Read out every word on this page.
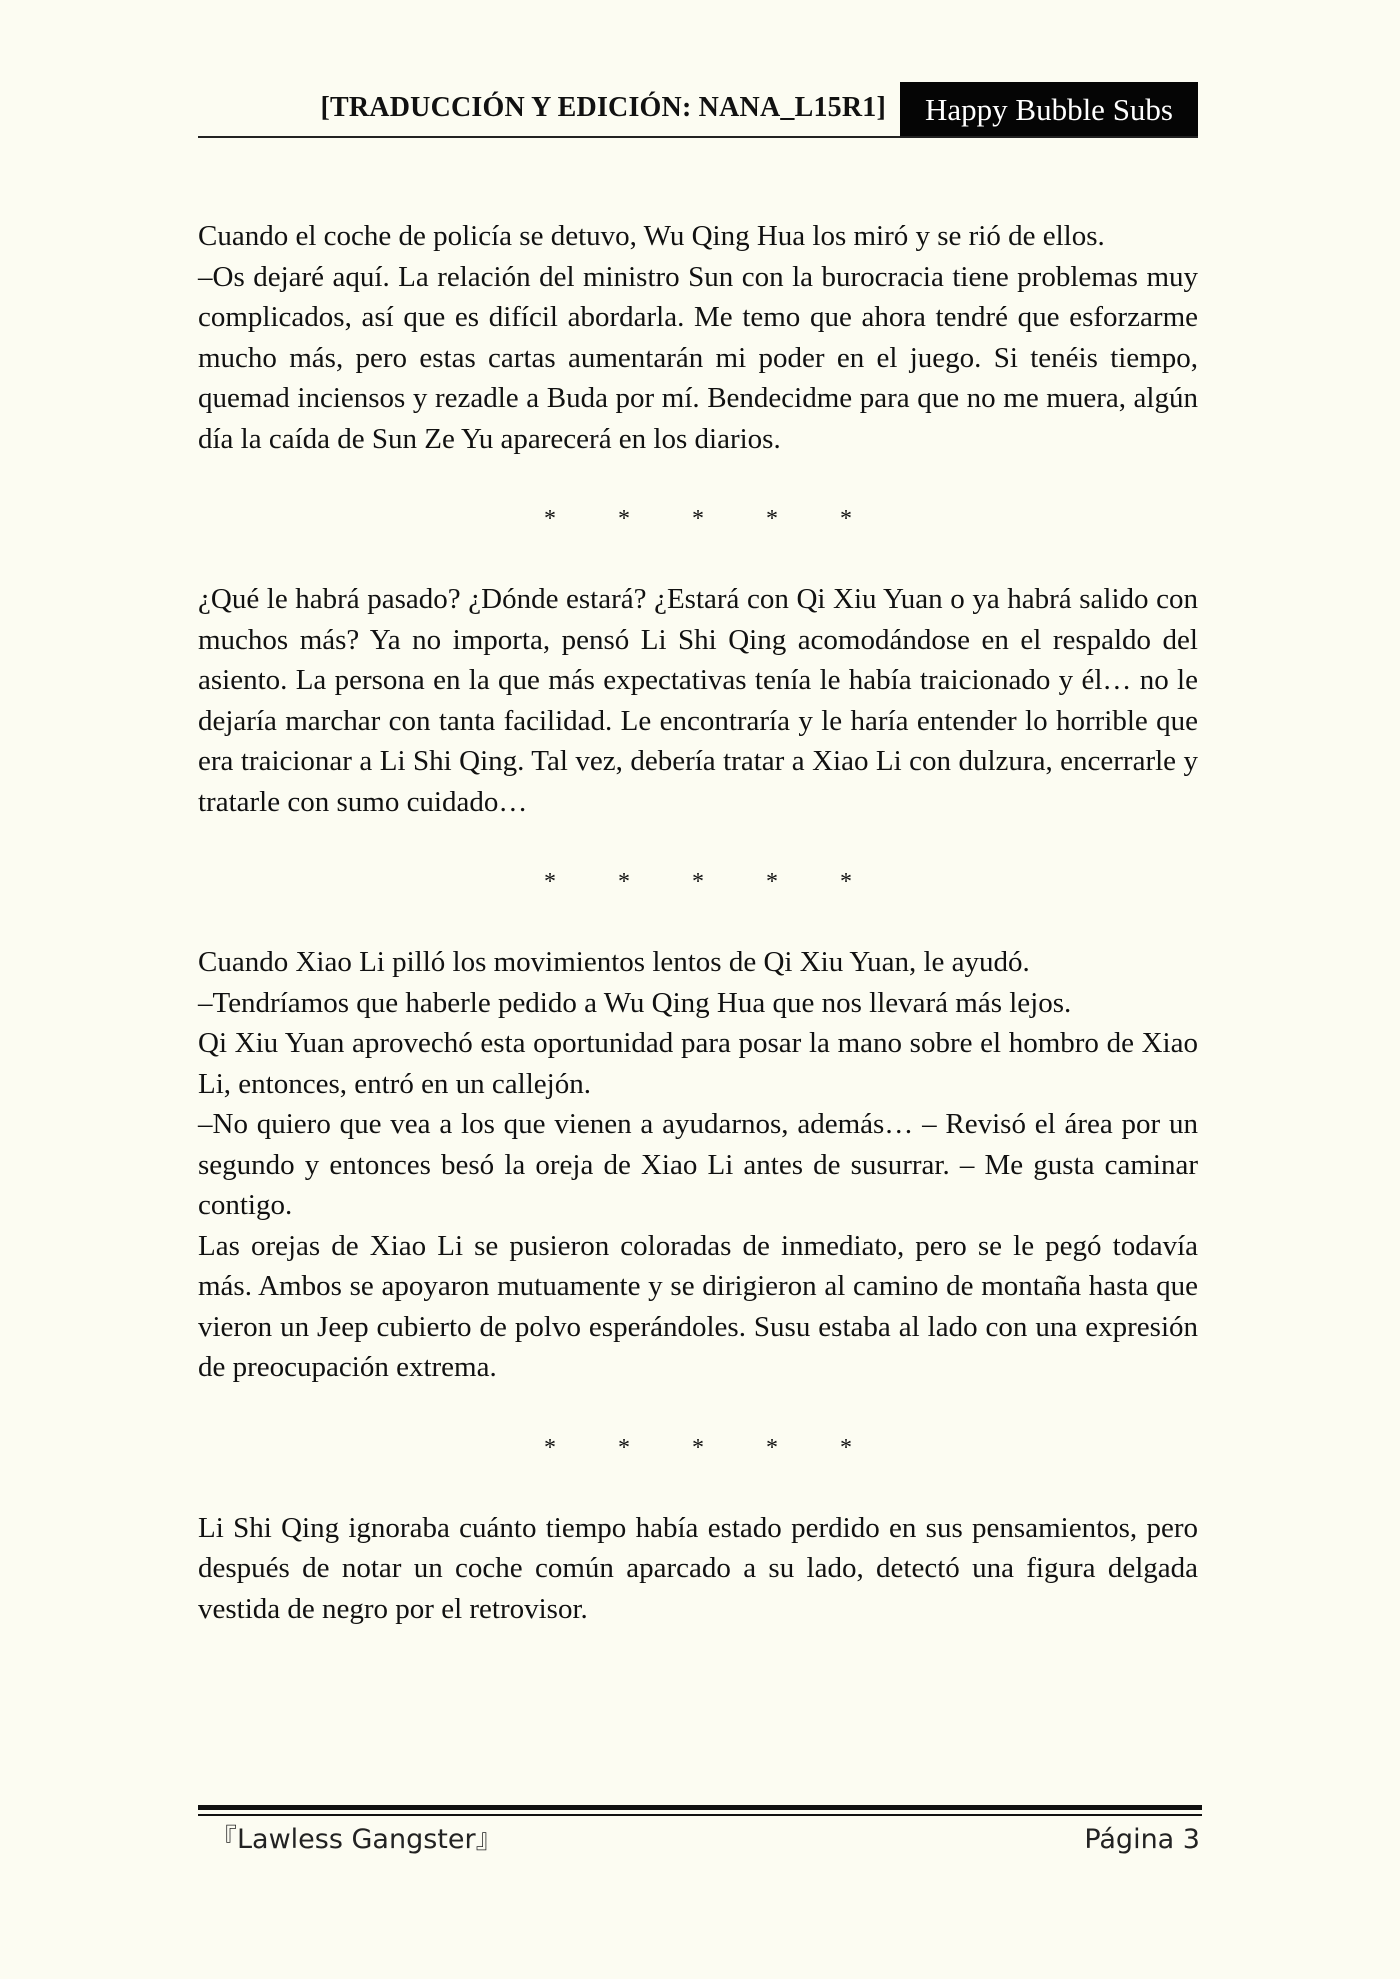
[TRADUCCIÓN Y EDICIÓN: NANA_L15R1]	Happy Bubble Subs

Cuando el coche de policía se detuvo, Wu Qing Hua los miró y se rió de ellos.

–Os dejaré aquí. La relación del ministro Sun con la burocracia tiene problemas muy complicados, así que es difícil abordarla. Me temo que ahora tendré que esforzarme mucho más, pero estas cartas aumentarán mi poder en el juego. Si tenéis tiempo, quemad inciensos y rezadle a Buda por mí. Bendecidme para que no me muera, algún día la caída de Sun Ze Yu aparecerá en los diarios.

*	*	*	*	*

¿Qué le habrá pasado? ¿Dónde estará? ¿Estará con Qi Xiu Yuan o ya habrá salido con muchos más? Ya no importa, pensó Li Shi Qing acomodándose en el respaldo del asiento. La persona en la que más expectativas tenía le había traicionado y él… no le dejaría marchar con tanta facilidad. Le encontraría y le haría entender lo horrible que era traicionar a Li Shi Qing. Tal vez, debería tratar a Xiao Li con dulzura, encerrarle y tratarle con sumo cuidado…

*	*	*	*	*

Cuando Xiao Li pilló los movimientos lentos de Qi Xiu Yuan, le ayudó.

–Tendríamos que haberle pedido a Wu Qing Hua que nos llevará más lejos.

Qi Xiu Yuan aprovechó esta oportunidad para posar la mano sobre el hombro de Xiao Li, entonces, entró en un callejón.

–No quiero que vea a los que vienen a ayudarnos, además… – Revisó el área por un segundo y entonces besó la oreja de Xiao Li antes de susurrar. – Me gusta caminar contigo.

Las orejas de Xiao Li se pusieron coloradas de inmediato, pero se le pegó todavía más. Ambos se apoyaron mutuamente y se dirigieron al camino de montaña hasta que vieron un Jeep cubierto de polvo esperándoles. Susu estaba al lado con una expresión de preocupación extrema.

*	*	*	*	*

Li Shi Qing ignoraba cuánto tiempo había estado perdido en sus pensamientos, pero después de notar un coche común aparcado a su lado, detectó una figura delgada vestida de negro por el retrovisor.

『Lawless Gangster』	Página 3
